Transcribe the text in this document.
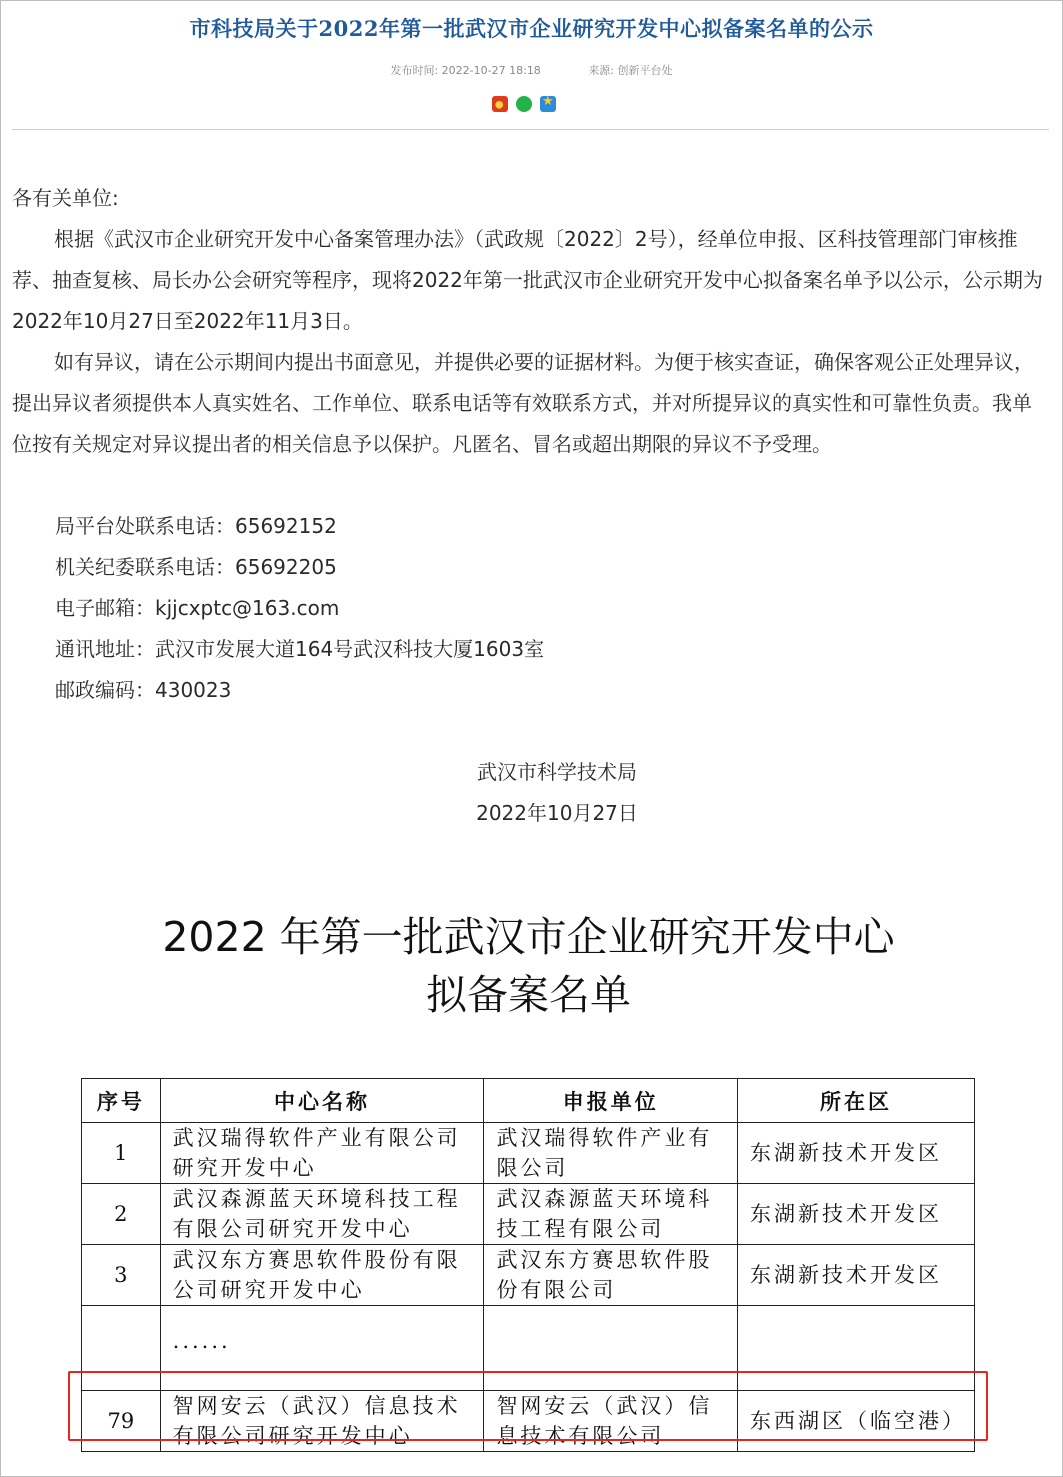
市科技局关于2022年第一批武汉市企业研究开发中心拟备案名单的公示
发布时间: 2022-10-27 18:18	来源: 创新平台处
★
各有关单位:
根据《武汉市企业研究开发中心备案管理办法》（武政规〔2022〕2号），经单位申报、区科技管理部门审核推荐、抽查复核、局长办公会研究等程序，现将2022年第一批武汉市企业研究开发中心拟备案名单予以公示，公示期为2022年10月27日至2022年11月3日。
如有异议，请在公示期间内提出书面意见，并提供必要的证据材料。为便于核实查证，确保客观公正处理异议，提出异议者须提供本人真实姓名、工作单位、联系电话等有效联系方式，并对所提异议的真实性和可靠性负责。我单位按有关规定对异议提出者的相关信息予以保护。凡匿名、冒名或超出期限的异议不予受理。
局平台处联系电话：65692152
机关纪委联系电话：65692205
电子邮箱：kjjcxptc@163.com
通讯地址：武汉市发展大道164号武汉科技大厦1603室
邮政编码：430023
武汉市科学技术局
2022年10月27日
2022 年第一批武汉市企业研究开发中心
拟备案名单
序号	中心名称	申报单位	所在区
1	武汉瑞得软件产业有限公司研究开发中心	武汉瑞得软件产业有限公司	东湖新技术开发区
2	武汉森源蓝天环境科技工程有限公司研究开发中心	武汉森源蓝天环境科技工程有限公司	东湖新技术开发区
3	武汉东方赛思软件股份有限公司研究开发中心	武汉东方赛思软件股份有限公司	东湖新技术开发区
	......		
79	智网安云（武汉）信息技术有限公司研究开发中心	智网安云（武汉）信息技术有限公司	东西湖区（临空港）
